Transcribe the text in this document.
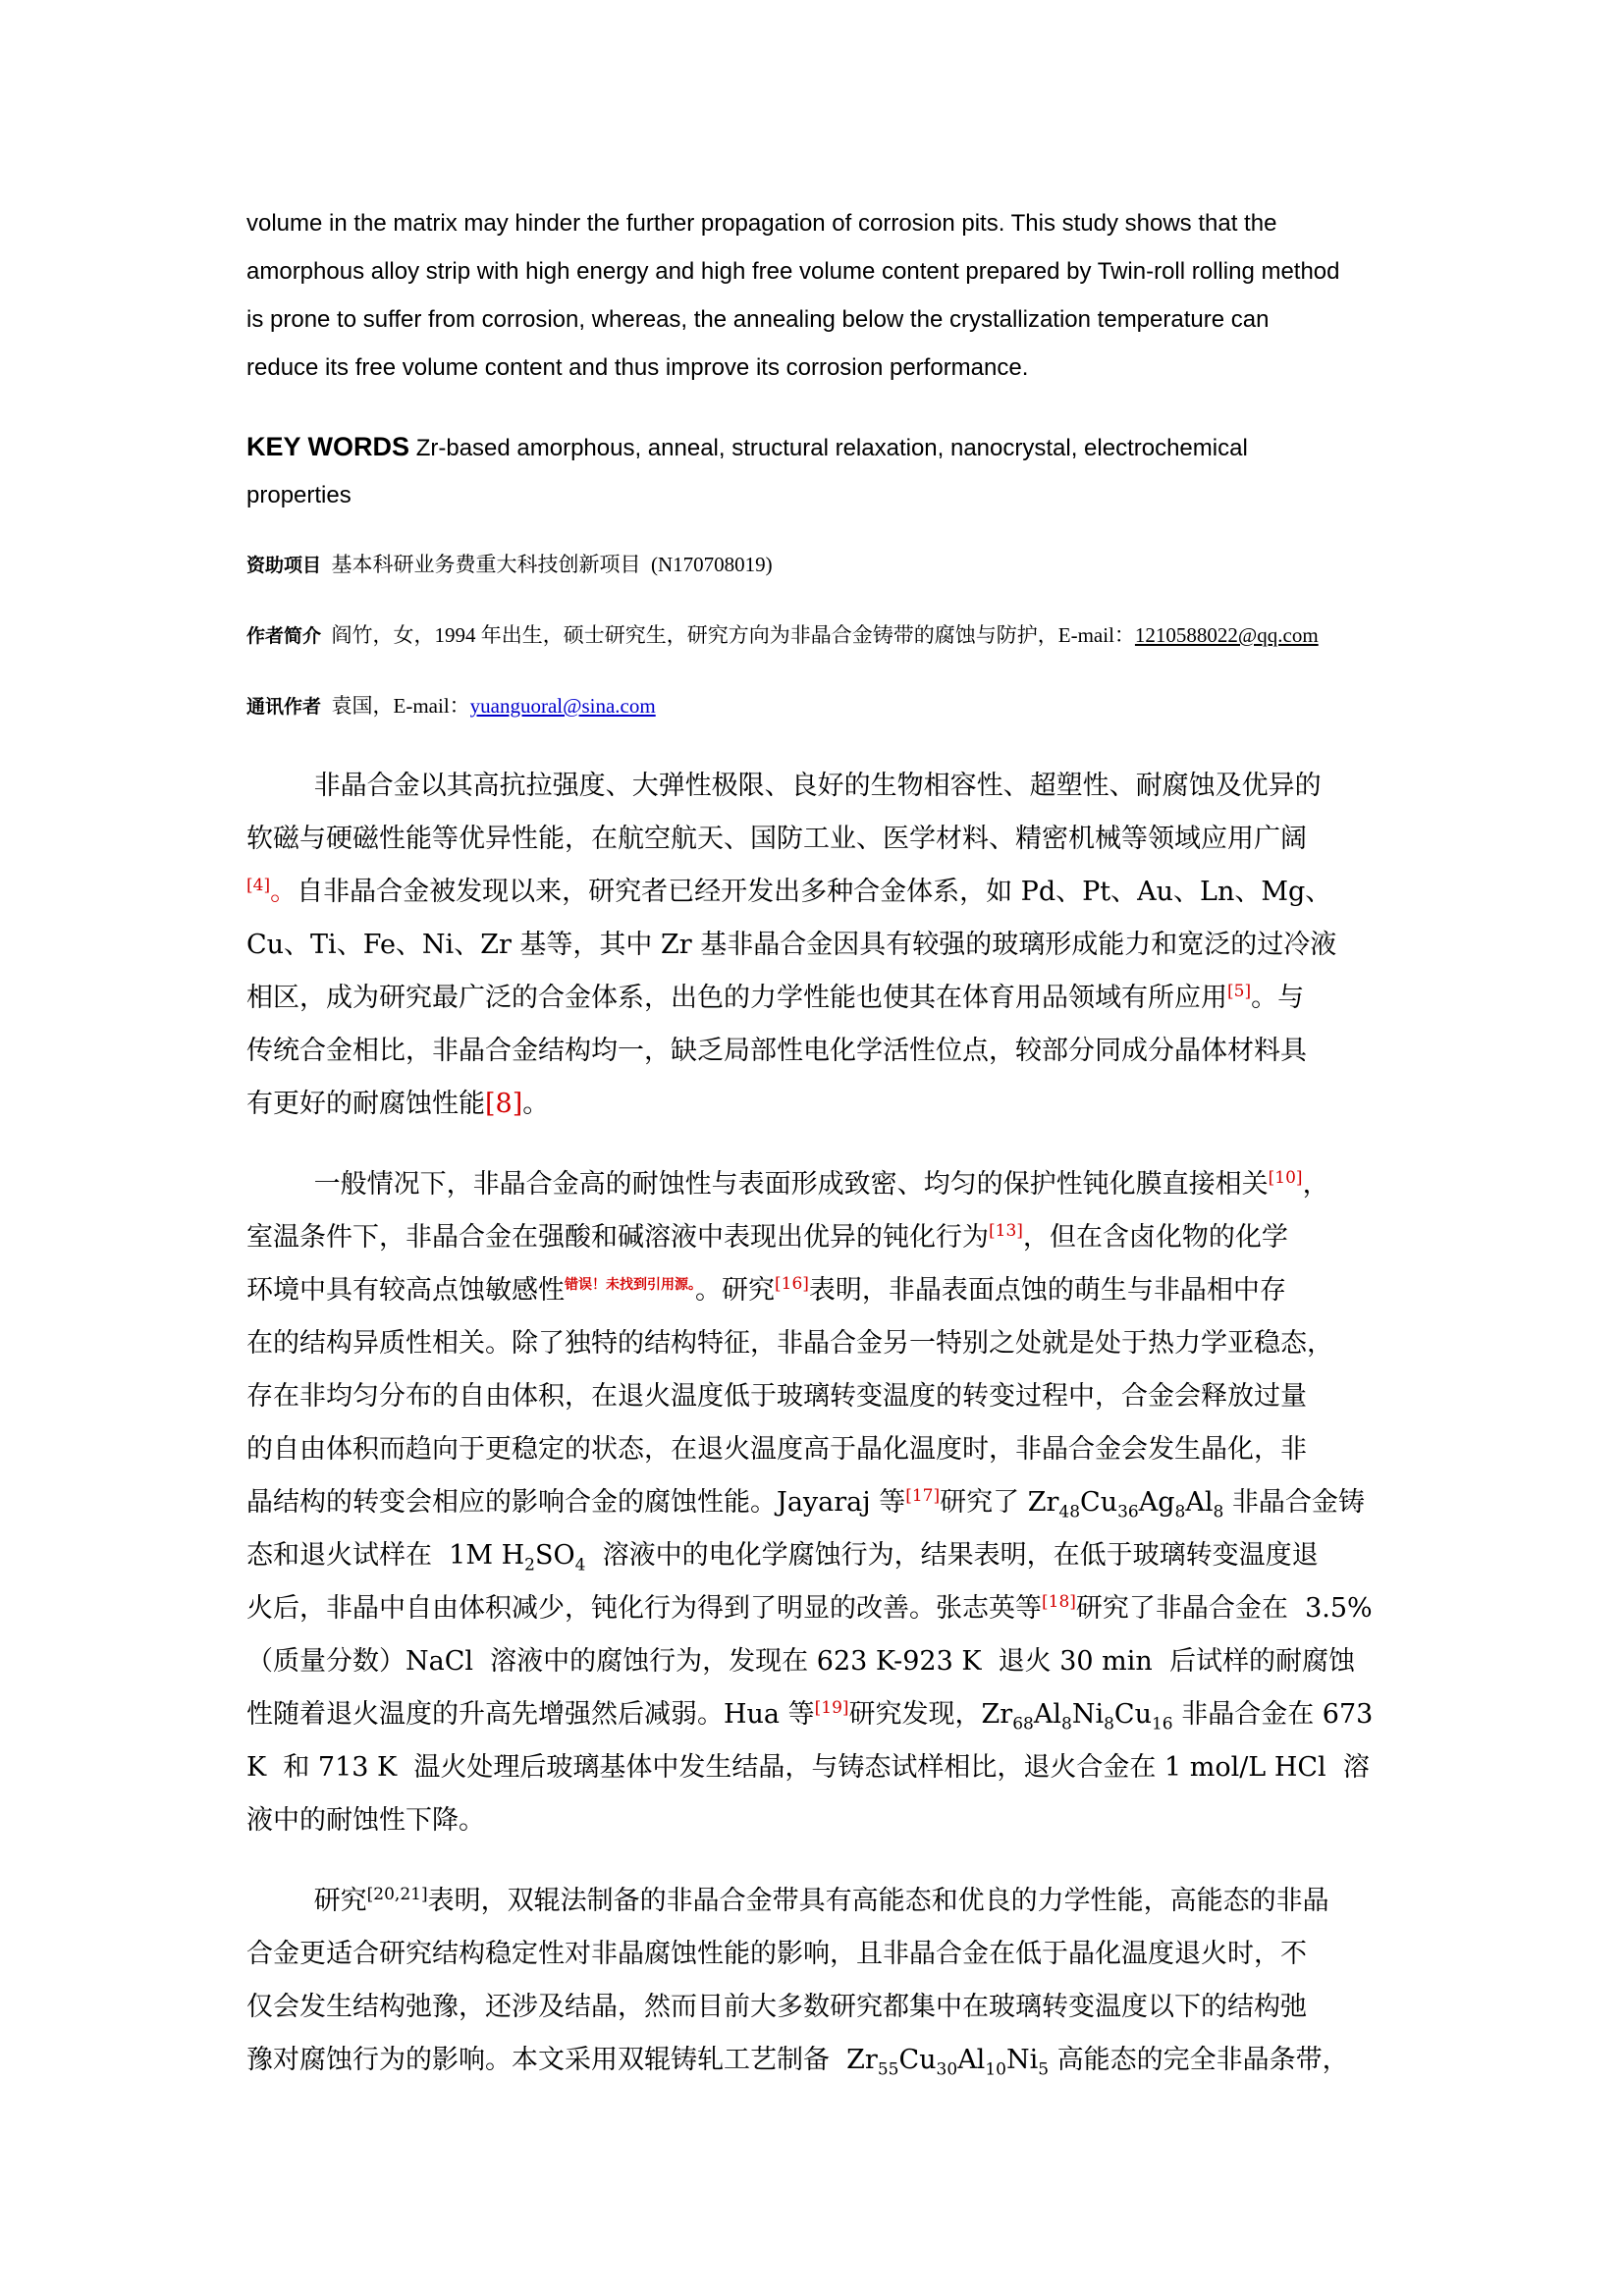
volume in the matrix may hinder the further propagation of corrosion pits. This study shows that the
amorphous alloy strip with high energy and high free volume content prepared by Twin-roll rolling method
is prone to suffer from corrosion, whereas, the annealing below the crystallization temperature can
reduce its free volume content and thus improve its corrosion performance.
KEY WORDS Zr-based amorphous, anneal, structural relaxation, nanocrystal, electrochemical
properties
资助项目  基本科研业务费重大科技创新项目  (N170708019)
作者简介  阎竹，女，1994 年出生，硕士研究生，研究方向为非晶合金铸带的腐蚀与防护，E-mail：1210588022@qq.com
通讯作者  袁国，E-mail：yuanguoral@sina.com
非晶合金以其高抗拉强度、大弹性极限、良好的生物相容性、超塑性、耐腐蚀及优异的
软磁与硬磁性能等优异性能，在航空航天、国防工业、医学材料、精密机械等领域应用广阔
[4]。自非晶合金被发现以来，研究者已经开发出多种合金体系，如 Pd、Pt、Au、Ln、Mg、
Cu、Ti、Fe、Ni、Zr 基等，其中 Zr 基非晶合金因具有较强的玻璃形成能力和宽泛的过冷液
相区，成为研究最广泛的合金体系，出色的力学性能也使其在体育用品领域有所应用[5]。与
传统合金相比，非晶合金结构均一，缺乏局部性电化学活性位点，较部分同成分晶体材料具
有更好的耐腐蚀性能[8]。
一般情况下，非晶合金高的耐蚀性与表面形成致密、均匀的保护性钝化膜直接相关[10]，
室温条件下，非晶合金在强酸和碱溶液中表现出优异的钝化行为[13]，但在含卤化物的化学
环境中具有较高点蚀敏感性$^{错误!未找到引用源。}$。研究[16]表明，非晶表面点蚀的萌生与非晶相中存
在的结构异质性相关。除了独特的结构特征，非晶合金另一特别之处就是处于热力学亚稳态，
存在非均匀分布的自由体积，在退火温度低于玻璃转变温度的转变过程中，合金会释放过量
的自由体积而趋向于更稳定的状态，在退火温度高于晶化温度时，非晶合金会发生晶化，非
晶结构的转变会相应的影响合金的腐蚀性能。Jayaraj 等[17]研究了 $Zr_{48}Cu_{36}Ag_8Al_8$ 非晶合金铸
态和退火试样在  1M $H_2SO_4$  溶液中的电化学腐蚀行为，结果表明，在低于玻璃转变温度退
火后，非晶中自由体积减少，钝化行为得到了明显的改善。张志英等[18]研究了非晶合金在  3.5%
（质量分数）NaCl  溶液中的腐蚀行为，发现在 623 K-923 K  退火 30 min  后试样的耐腐蚀
性随着退火温度的升高先增强然后减弱。Hua 等[19]研究发现，$Zr_{68}Al_8Ni_8Cu_{16}$ 非晶合金在 673
K  和 713 K  温火处理后玻璃基体中发生结晶，与铸态试样相比，退火合金在 1 mol/L HCl  溶
液中的耐蚀性下降。
研究[20,21]表明，双辊法制备的非晶合金带具有高能态和优良的力学性能，高能态的非晶
合金更适合研究结构稳定性对非晶腐蚀性能的影响，且非晶合金在低于晶化温度退火时，不
仅会发生结构弛豫，还涉及结晶，然而目前大多数研究都集中在玻璃转变温度以下的结构弛
豫对腐蚀行为的影响。本文采用双辊铸轧工艺制备  $Zr_{55}Cu_{30}Al_{10}Ni_5$ 高能态的完全非晶条带，
